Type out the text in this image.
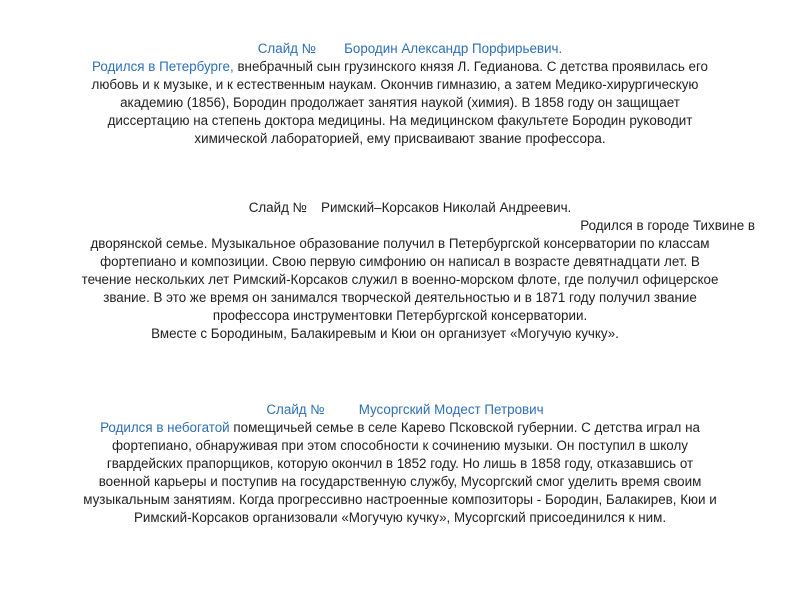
Слайд № Бородин Александр Порфирьевич.
Родился в Петербурге, внебрачный сын грузинского князя Л. Гедианова. С детства проявилась его
любовь и к музыке, и к естественным наукам. Окончив гимназию, а затем Медико-хирургическую
академию (1856), Бородин продолжает занятия наукой (химия). В 1858 году он защищает
диссертацию на степень доктора медицины. На медицинском факультете Бородин руководит
химической лабораторией, ему присваивают звание профессора.
Слайд № Римский–Корсаков Николай Андреевич.
Родился в городе Тихвине в
дворянской семье. Музыкальное образование получил в Петербургской консерватории по классам
фортепиано и композиции. Свою первую симфонию он написал в возрасте девятнадцати лет. В
течение нескольких лет Римский-Корсаков служил в военно-морском флоте, где получил офицерское
звание. В это же время он занимался творческой деятельностью и в 1871 году получил звание
профессора инструментовки Петербургской консерватории.
Вместе с Бородиным, Балакиревым и Кюи он организует «Могучую кучку».
Слайд №	Мусоргский Модест Петрович
Родился в небогатой помещичьей семье в селе Карево Псковской губернии. С детства играл на
фортепиано, обнаруживая при этом способности к сочинению музыки. Он поступил в школу
гвардейских прапорщиков, которую окончил в 1852 году. Но лишь в 1858 году, отказавшись от
военной карьеры и поступив на государственную службу, Мусоргский смог уделить время своим
музыкальным занятиям. Когда прогрессивно настроенные композиторы - Бородин, Балакирев, Кюи и
Римский-Корсаков организовали «Могучую кучку», Мусоргский присоединился к ним.
